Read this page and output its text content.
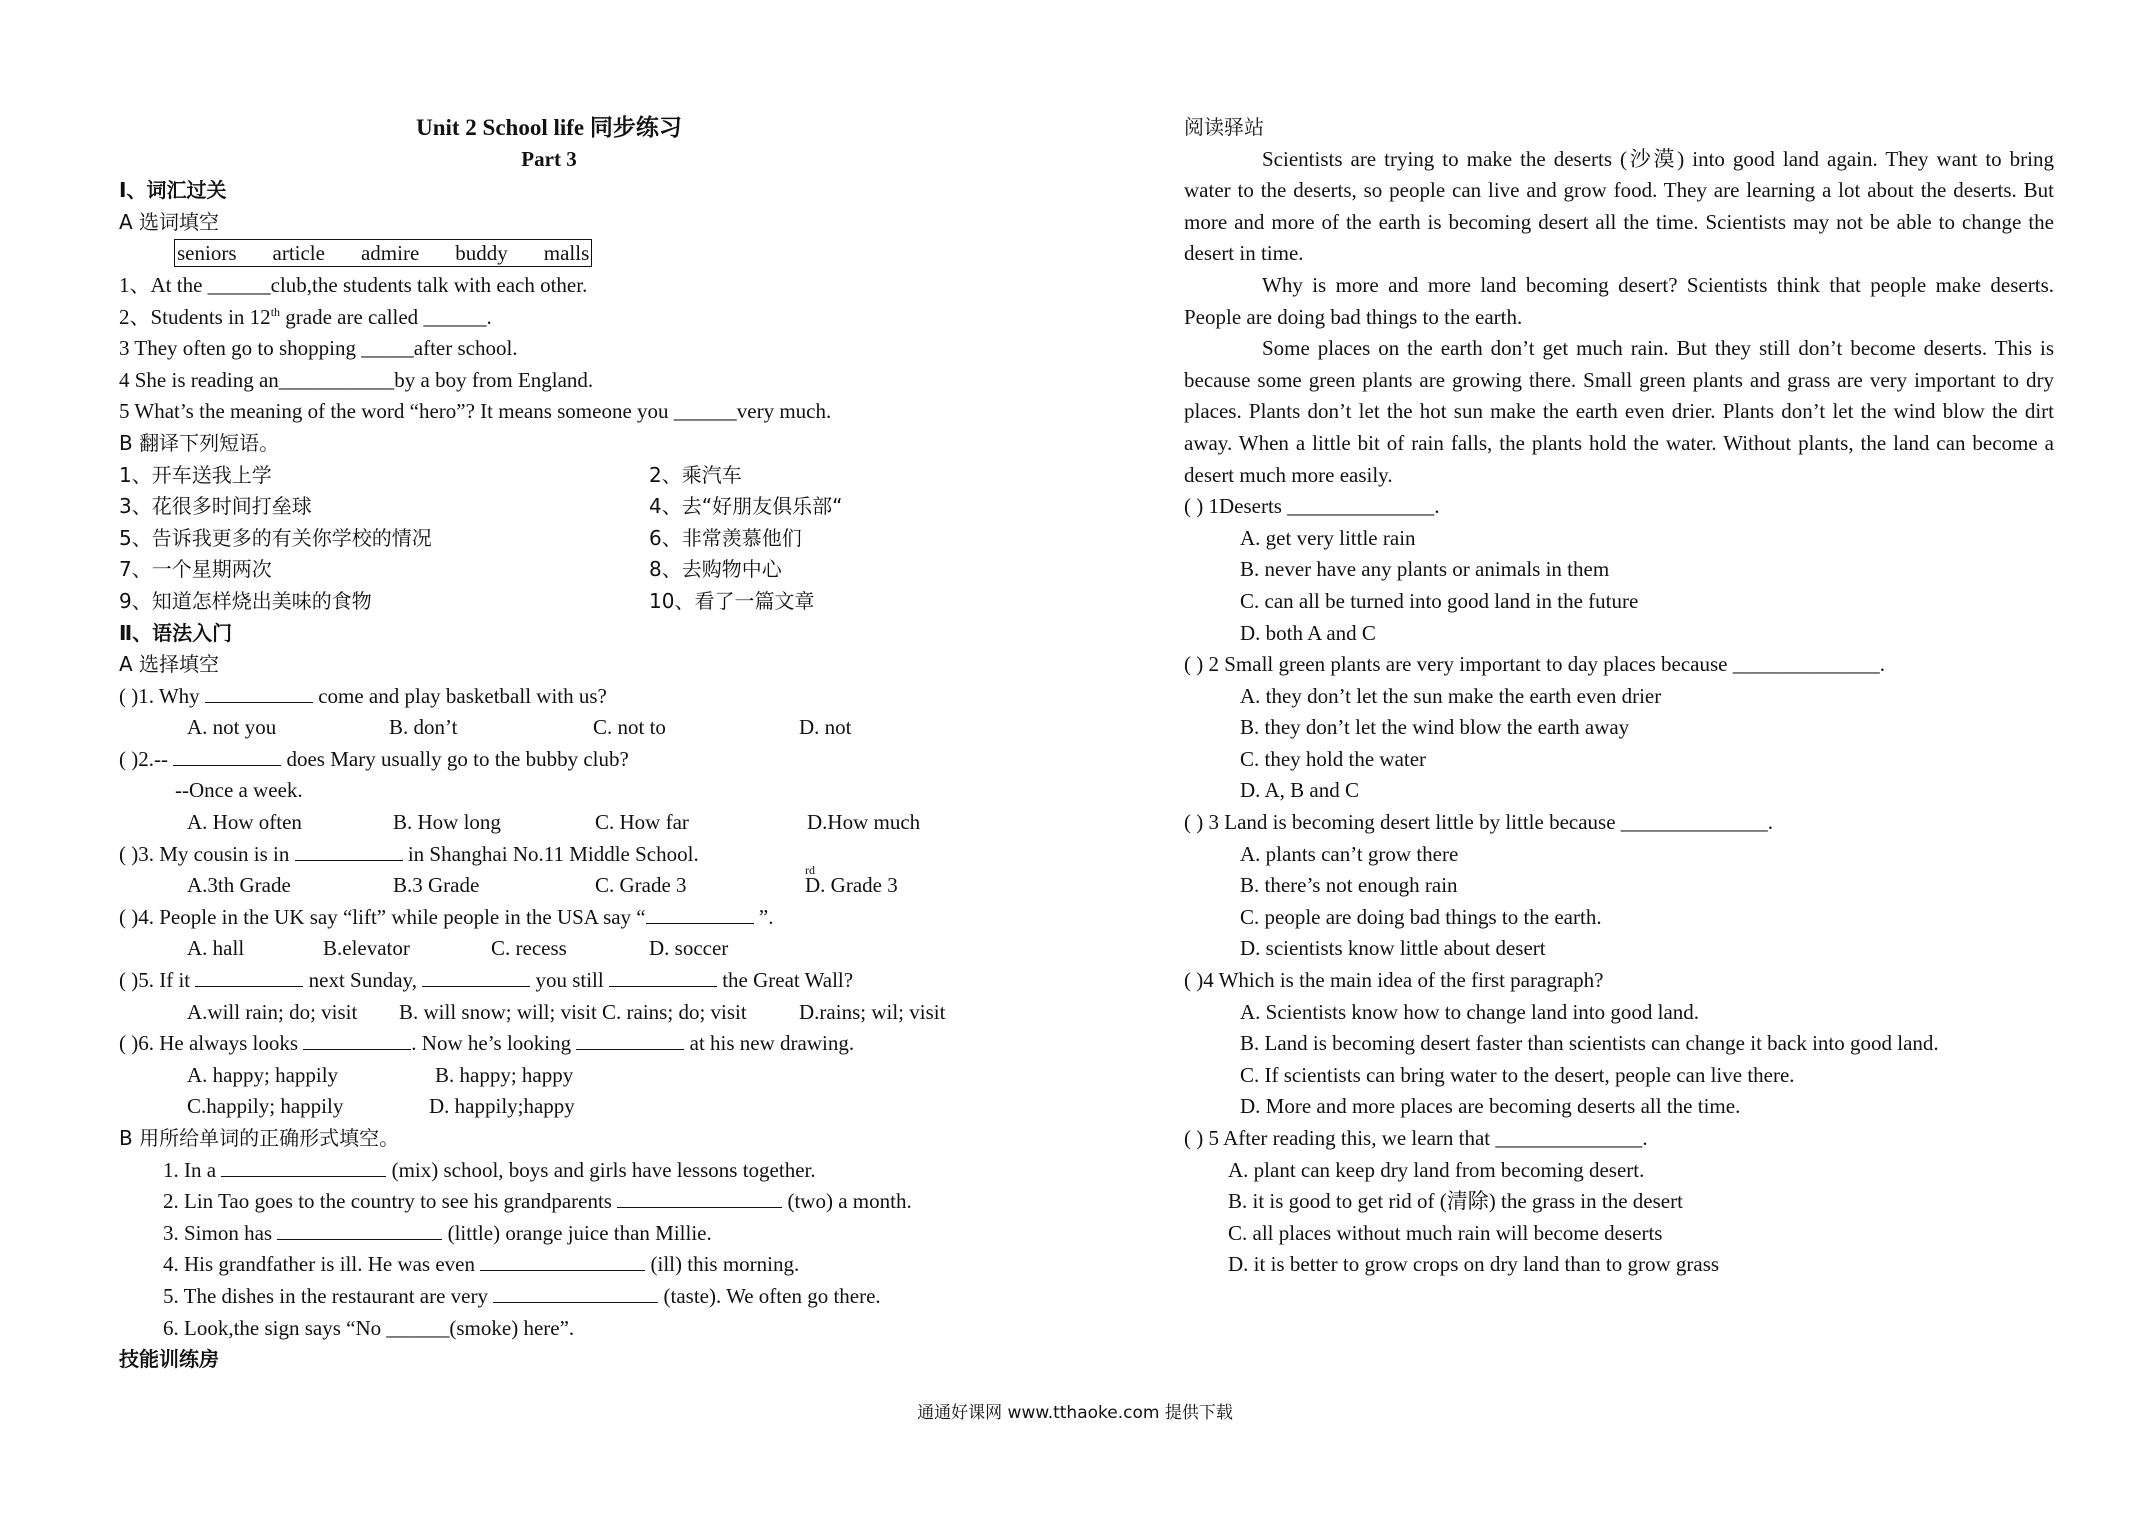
Unit 2 School life 同步练习
Part 3
Ⅰ、词汇过关
A 选词填空
seniors article admire buddy malls
1、At the ______club,the students talk with each other.
2、Students in 12th grade are called ______.
3 They often go to shopping _____after school.
4 She is reading an___________by a boy from England.
5 What’s the meaning of the word “hero”? It means someone you ______very much.
B 翻译下列短语。
1、开车送我上学	2、乘汽车
3、花很多时间打垒球	4、去“好朋友俱乐部“
5、告诉我更多的有关你学校的情况	6、非常羡慕他们
7、一个星期两次	8、去购物中心
9、知道怎样烧出美味的食物	10、看了一篇文章
Ⅱ、语法入门
A 选择填空
( )1. Why	come and play basketball with us?
A. not you	B. don’t	C. not to	D. not
( )2.--	does Mary usually go to the bubby club?
--Once a week.
A. How often	B. How long	C. How far	D.How much
( )3. My cousin is in	in Shanghai No.11 Middle School.
A.3th Grade	B.3 Grade	C. Grade 3	D. Grade 3
rd
( )4. People in the UK say “lift” while people in the USA say “	”.
A. hall	B.elevator	C. recess	D. soccer
( )5. If it	next Sunday,	you still	the Great Wall?
A.will rain; do; visit B. will snow; will; visit C. rains; do; visit D.rains; wil; visit
( )6. He always looks	. Now he’s looking	at his new drawing.
A. happy; happily	B. happy; happy
C.happily; happily	D. happily;happy
B 用所给单词的正确形式填空。
1. In a	(mix) school, boys and girls have lessons together.
2. Lin Tao goes to the country to see his grandparents	(two) a month.
3. Simon has	(little) orange juice than Millie.
4. His grandfather is ill. He was even	(ill) this morning.
5. The dishes in the restaurant are very	(taste). We often go there.
6. Look,the sign says “No ______(smoke) here”.
技能训练房
阅读驿站
Scientists are trying to make the deserts (沙漠) into good land again. They want to bring water to the deserts, so people can live and grow food. They are learning a lot about the deserts. But more and more of the earth is becoming desert all the time. Scientists may not be able to change the desert in time.
Why is more and more land becoming desert? Scientists think that people make deserts. People are doing bad things to the earth.
Some places on the earth don’t get much rain. But they still don’t become deserts. This is because some green plants are growing there. Small green plants and grass are very important to dry places. Plants don’t let the hot sun make the earth even drier. Plants don’t let the wind blow the dirt away. When a little bit of rain falls, the plants hold the water. Without plants, the land can become a desert much more easily.
( ) 1Deserts ______________.
A. get very little rain
B. never have any plants or animals in them
C. can all be turned into good land in the future
D. both A and C
( ) 2 Small green plants are very important to day places because ______________.
A. they don’t let the sun make the earth even drier
B. they don’t let the wind blow the earth away
C. they hold the water
D. A, B and C
( ) 3 Land is becoming desert little by little because ______________.
A. plants can’t grow there
B. there’s not enough rain
C. people are doing bad things to the earth.
D. scientists know little about desert
( )4 Which is the main idea of the first paragraph?
A. Scientists know how to change land into good land.
B. Land is becoming desert faster than scientists can change it back into good land.
C. If scientists can bring water to the desert, people can live there.
D. More and more places are becoming deserts all the time.
( ) 5 After reading this, we learn that ______________.
A. plant can keep dry land from becoming desert.
B. it is good to get rid of (清除) the grass in the desert
C. all places without much rain will become deserts
D. it is better to grow crops on dry land than to grow grass
通通好课网 www.tthaoke.com 提供下载
